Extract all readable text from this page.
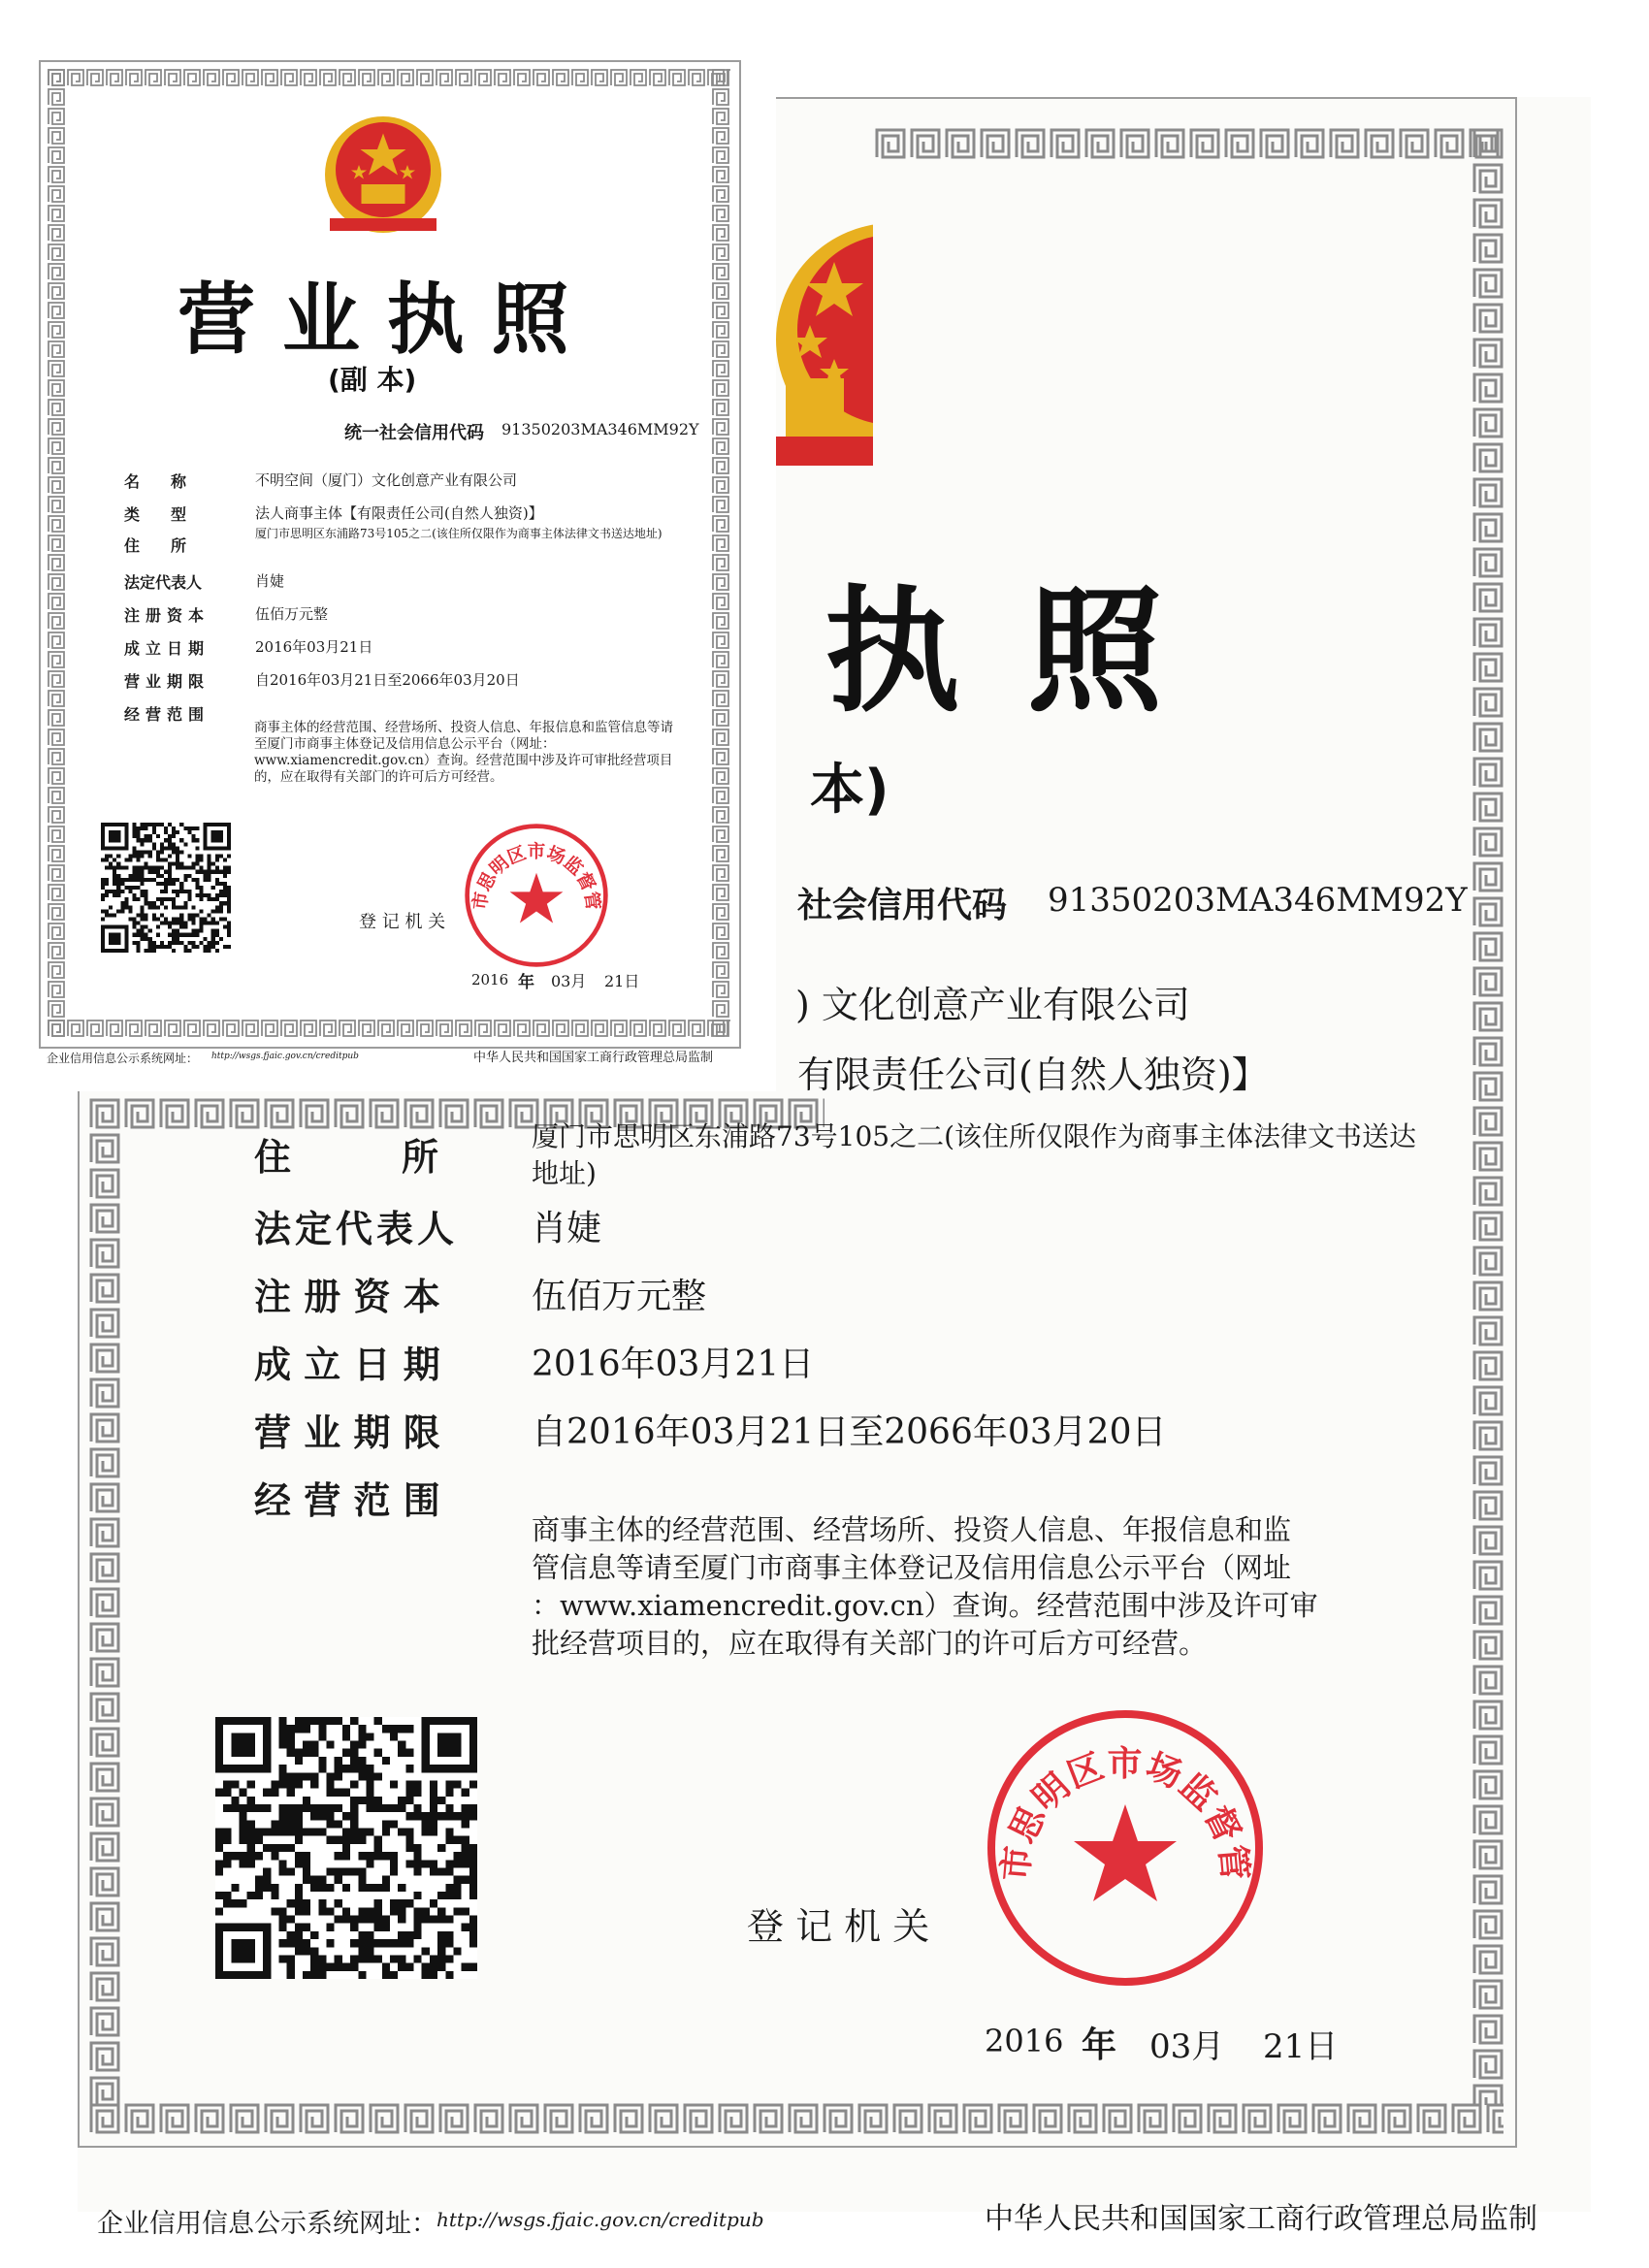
执 照
本)
社会信用代码 91350203MA346MM92Y
) 文化创意产业有限公司
有限责任公司(自然人独资)】
住　　　所	厦门市思明区东浦路73号105之二(该住所仅限作为商事主体法律文书送达
地址)
法定代表人 肖婕
注 册 资 本	伍佰万元整
成 立 日 期	2016年03月21日
营 业 期 限	自2016年03月21日至2066年03月20日
经 营 范 围
商事主体的经营范围、经营场所、投资人信息、年报信息和监
管信息等请至厦门市商事主体登记及信用信息公示平台（网址
：www.xiamencredit.gov.cn）查询。经营范围中涉及许可审
批经营项目的，应在取得有关部门的许可后方可经营。
登 记 机 关
市思明区市场监督管
2016 年 03月 21日
企业信用信息公示系统网址： http://wsgs.fjaic.gov.cn/creditpub	中华人民共和国国家工商行政管理总局监制
营 业 执 照
(副 本)
统一社会信用代码 91350203MA346MM92Y
名　　称	不明空间（厦门）文化创意产业有限公司
类　　型	法人商事主体【有限责任公司(自然人独资)】
住　　所
厦门市思明区东浦路73号105之二(该住所仅限作为商事主体法律文书送达地址)
法定代表人	肖婕
注册资本	伍佰万元整
成立日期	2016年03月21日
营业期限	自2016年03月21日至2066年03月20日
经营范围
商事主体的经营范围、经营场所、投资人信息、年报信息和监管信息等请至厦门市商事主体登记及信用信息公示平台（网址：www.xiamencredit.gov.cn）查询。经营范围中涉及许可审批经营项目的，应在取得有关部门的许可后方可经营。
登 记 机 关
市思明区市场监督管
2016 年 03月 21日
企业信用信息公示系统网址： http://wsgs.fjaic.gov.cn/creditpub	中华人民共和国国家工商行政管理总局监制
